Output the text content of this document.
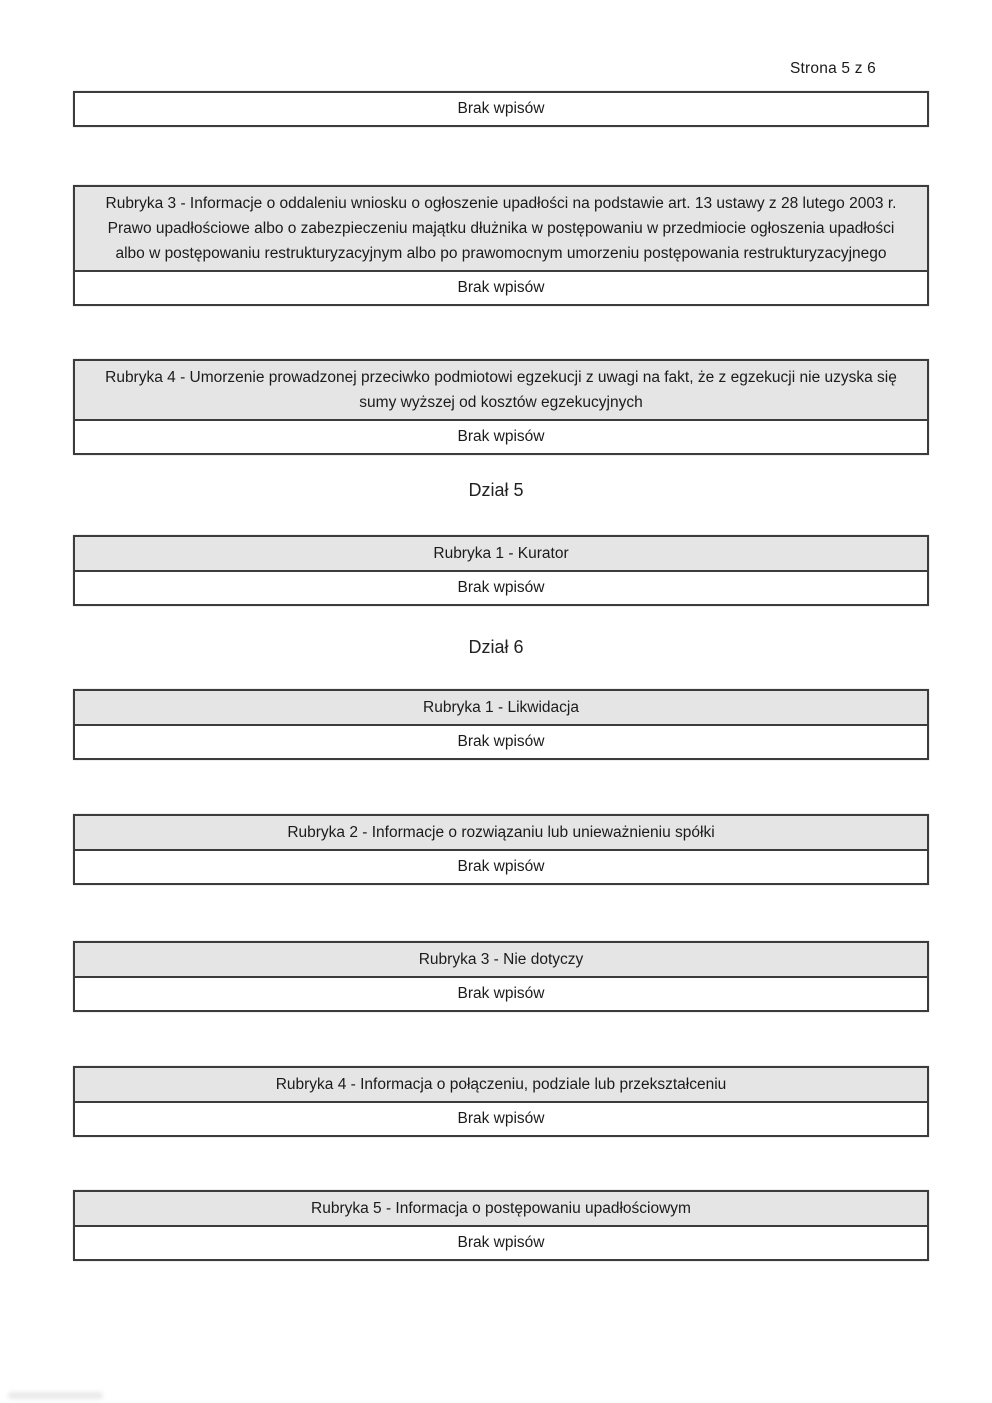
Strona 5 z 6
Brak wpisów
Rubryka 3 - Informacje o oddaleniu wniosku o ogłoszenie upadłości na podstawie art. 13 ustawy z 28 lutego 2003 r. Prawo upadłościowe albo o zabezpieczeniu majątku dłużnika w postępowaniu w przedmiocie ogłoszenia upadłości albo w postępowaniu restrukturyzacyjnym albo po prawomocnym umorzeniu postępowania restrukturyzacyjnego
Brak wpisów
Rubryka 4 - Umorzenie prowadzonej przeciwko podmiotowi egzekucji z uwagi na fakt, że z egzekucji nie uzyska się sumy wyższej od kosztów egzekucyjnych
Brak wpisów
Dział 5
Rubryka 1 - Kurator
Brak wpisów
Dział 6
Rubryka 1 - Likwidacja
Brak wpisów
Rubryka 2 - Informacje o rozwiązaniu lub unieważnieniu spółki
Brak wpisów
Rubryka 3 - Nie dotyczy
Brak wpisów
Rubryka 4 - Informacja o połączeniu, podziale lub przekształceniu
Brak wpisów
Rubryka 5 - Informacja o postępowaniu upadłościowym
Brak wpisów
